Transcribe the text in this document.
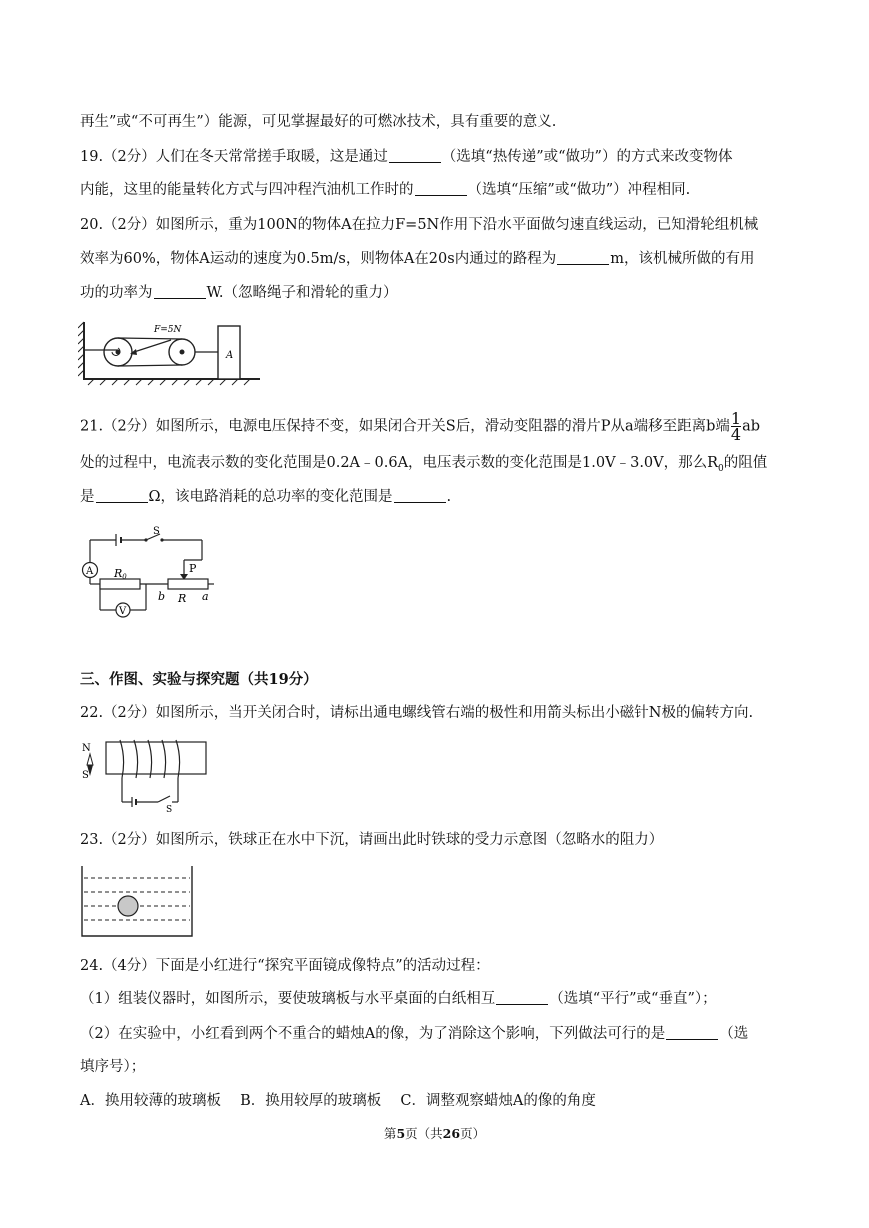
再生”或“不可再生”）能源，可见掌握最好的可燃冰技术，具有重要的意义.
19.（2分）人们在冬天常常搓手取暖，这是通过	（选填“热传递”或“做功”）的方式来改变物体
内能，这里的能量转化方式与四冲程汽油机工作时的	（选填“压缩”或“做功”）冲程相同.
20.（2分）如图所示，重为100N的物体A在拉力F=5N作用下沿水平面做匀速直线运动，已知滑轮组机械
效率为60%，物体A运动的速度为0.5m/s，则物体A在20s内通过的路程为	m，该机械所做的有用
功的功率为	W.（忽略绳子和滑轮的重力）
F=5N
A
21.（2分）如图所示，电源电压保持不变，如果闭合开关S后，滑动变阻器的滑片P从a端移至距离b端 $\frac{1}{4}$ ab
处的过程中，电流表示数的变化范围是0.2A﹣0.6A，电压表示数的变化范围是1.0V﹣3.0V，那么$R_0$的阻值
是	Ω，该电路消耗的总功率的变化范围是	.
A
V
S
P
R0
R
b	a
三、作图、实验与探究题（共19分）
22.（2分）如图所示，当开关闭合时，请标出通电螺线管右端的极性和用箭头标出小磁针N极的偏转方向.
N
S
S
23.（2分）如图所示，铁球正在水中下沉，请画出此时铁球的受力示意图（忽略水的阻力）
24.（4分）下面是小红进行“探究平面镜成像特点”的活动过程：
（1）组装仪器时，如图所示，要使玻璃板与水平桌面的白纸相互	（选填“平行”或“垂直”）；
（2）在实验中，小红看到两个不重合的蜡烛A的像，为了消除这个影响，下列做法可行的是	（选
填序号）；
A．换用较薄的玻璃板　 B．换用较厚的玻璃板　 C．调整观察蜡烛A的像的角度
第5页（共26页）
